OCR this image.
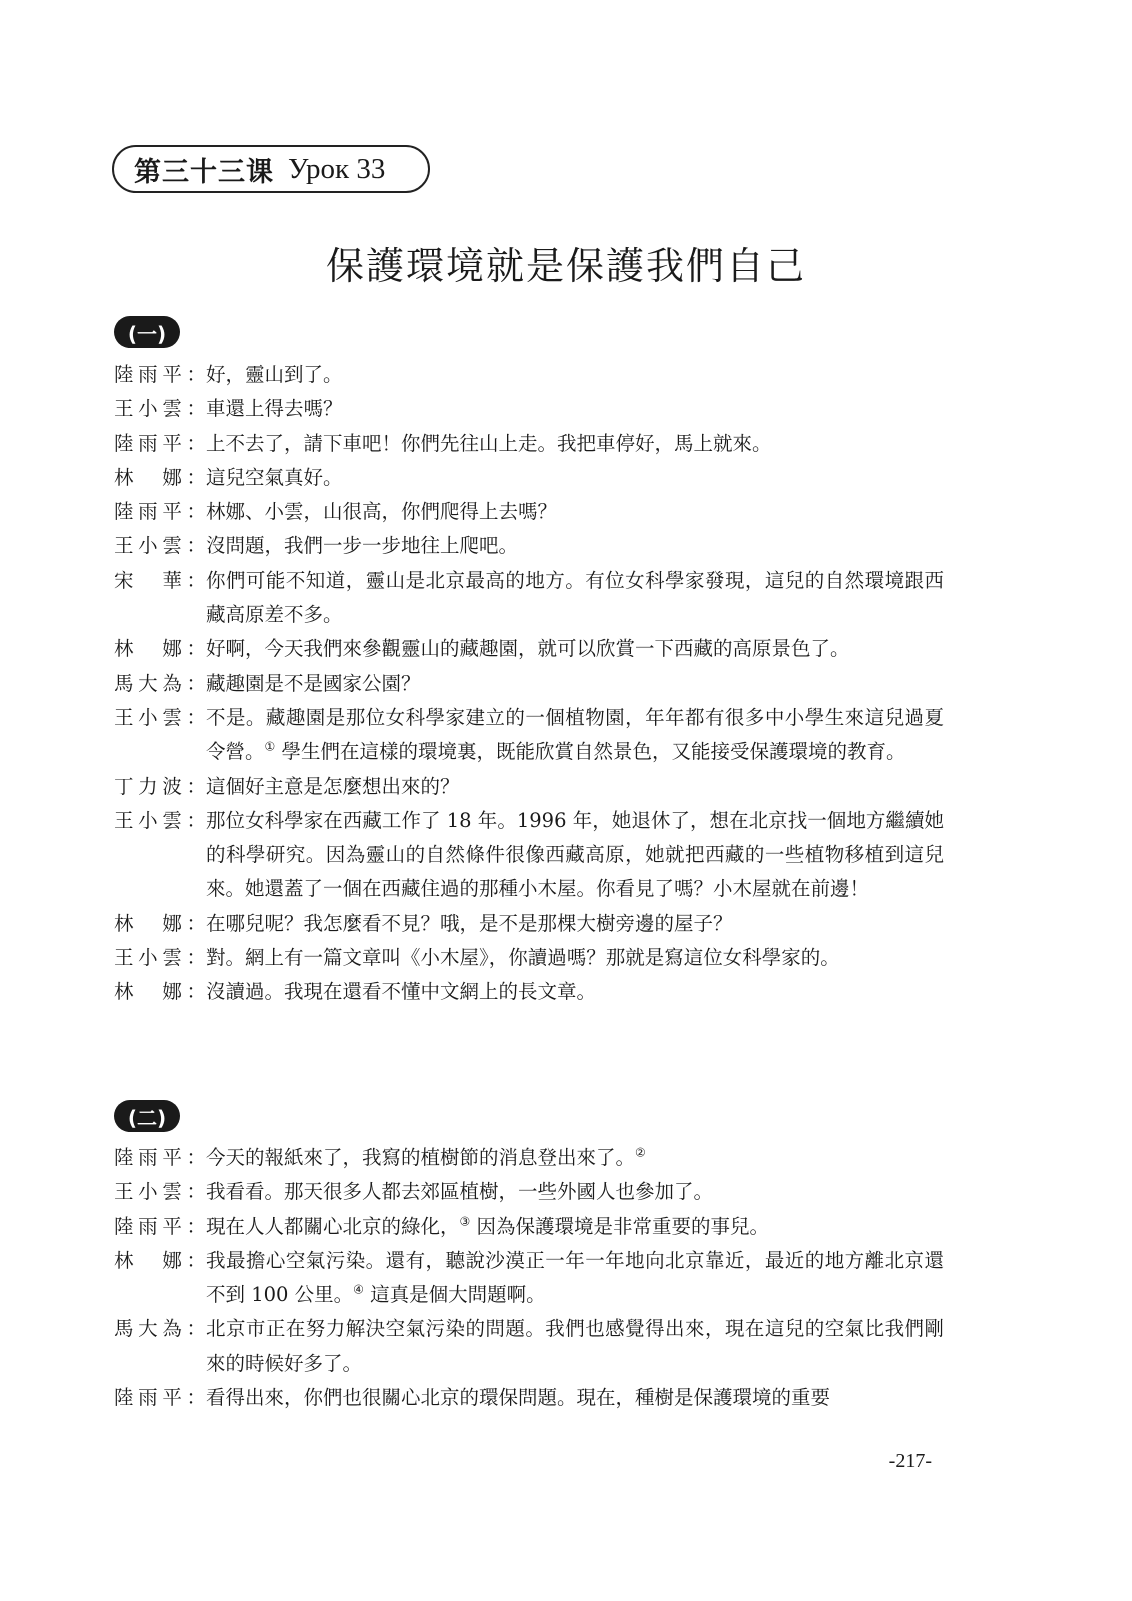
第三十三课 Урок 33
保護環境就是保護我們自己
(一)
陸雨平： 好，靈山到了。
王小雲： 車還上得去嗎？
陸雨平： 上不去了，請下車吧！你們先往山上走。我把車停好，馬上就來。
林　娜： 這兒空氣真好。
陸雨平： 林娜、小雲，山很高，你們爬得上去嗎？
王小雲： 沒問題，我們一步一步地往上爬吧。
宋　華： 你們可能不知道，靈山是北京最高的地方。有位女科學家發現，這兒的自然環境跟西藏高原差不多。
林　娜： 好啊，今天我們來參觀靈山的藏趣園，就可以欣賞一下西藏的高原景色了。
馬大為： 藏趣園是不是國家公園？
王小雲： 不是。藏趣園是那位女科學家建立的一個植物園，年年都有很多中小學生來這兒過夏令營。① 學生們在這樣的環境裏，既能欣賞自然景色，又能接受保護環境的教育。
丁力波： 這個好主意是怎麼想出來的？
王小雲： 那位女科學家在西藏工作了 18 年。1996 年，她退休了，想在北京找一個地方繼續她的科學研究。因為靈山的自然條件很像西藏高原，她就把西藏的一些植物移植到這兒來。她還蓋了一個在西藏住過的那種小木屋。你看見了嗎？小木屋就在前邊！
林　娜： 在哪兒呢？我怎麼看不見？哦，是不是那棵大樹旁邊的屋子？
王小雲： 對。網上有一篇文章叫《小木屋》，你讀過嗎？那就是寫這位女科學家的。
林　娜： 沒讀過。我現在還看不懂中文網上的長文章。
(二)
陸雨平： 今天的報紙來了，我寫的植樹節的消息登出來了。②
王小雲： 我看看。那天很多人都去郊區植樹，一些外國人也參加了。
陸雨平： 現在人人都關心北京的綠化，③ 因為保護環境是非常重要的事兒。
林　娜： 我最擔心空氣污染。還有，聽說沙漠正一年一年地向北京靠近，最近的地方離北京還不到 100 公里。④ 這真是個大問題啊。
馬大為： 北京市正在努力解決空氣污染的問題。我們也感覺得出來，現在這兒的空氣比我們剛來的時候好多了。
陸雨平： 看得出來，你們也很關心北京的環保問題。現在，種樹是保護環境的重要
-217-
